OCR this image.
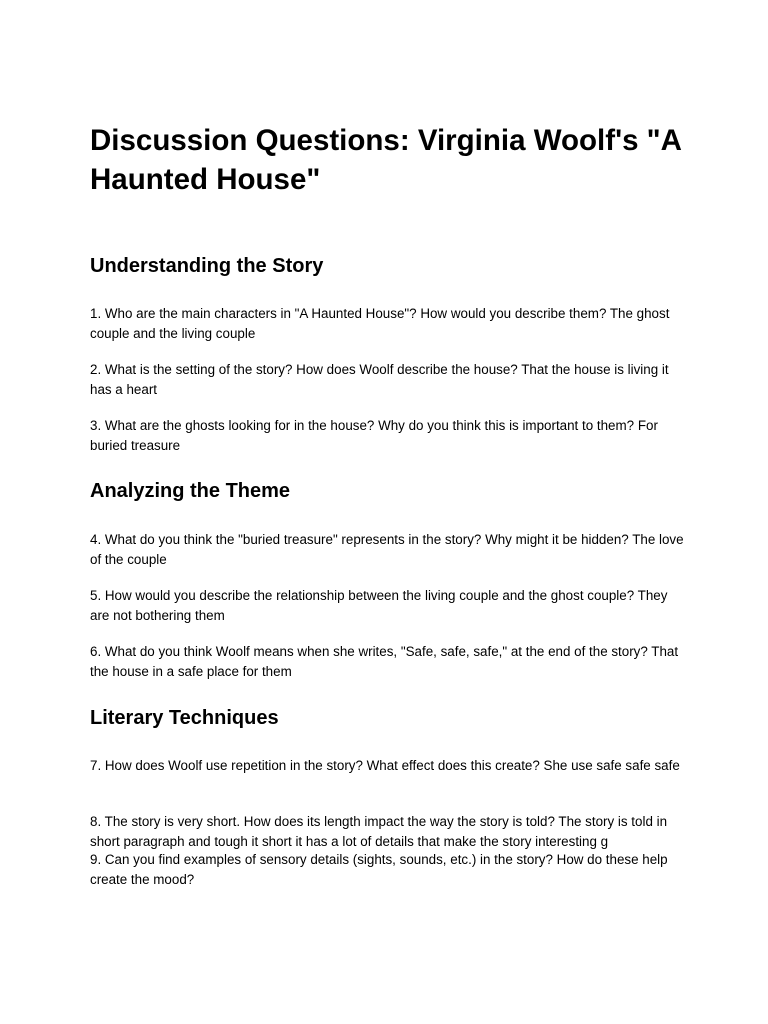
Discussion Questions: Virginia Woolf's "A Haunted House"
Understanding the Story

1. Who are the main characters in "A Haunted House"? How would you describe them? The ghost couple and the living couple

2. What is the setting of the story? How does Woolf describe the house? That the house is living it has a heart

3. What are the ghosts looking for in the house? Why do you think this is important to them? For buried treasure

Analyzing the Theme

4. What do you think the "buried treasure" represents in the story? Why might it be hidden? The love of the couple

5. How would you describe the relationship between the living couple and the ghost couple? They are not bothering them

6. What do you think Woolf means when she writes, "Safe, safe, safe," at the end of the story? That the house in a safe place for them

Literary Techniques

7. How does Woolf use repetition in the story? What effect does this create? She use safe safe safe

8. The story is very short. How does its length impact the way the story is told? The story is told in short paragraph and tough it short it has a lot of details that make the story interesting g

9. Can you find examples of sensory details (sights, sounds, etc.) in the story? How do these help create the mood?
